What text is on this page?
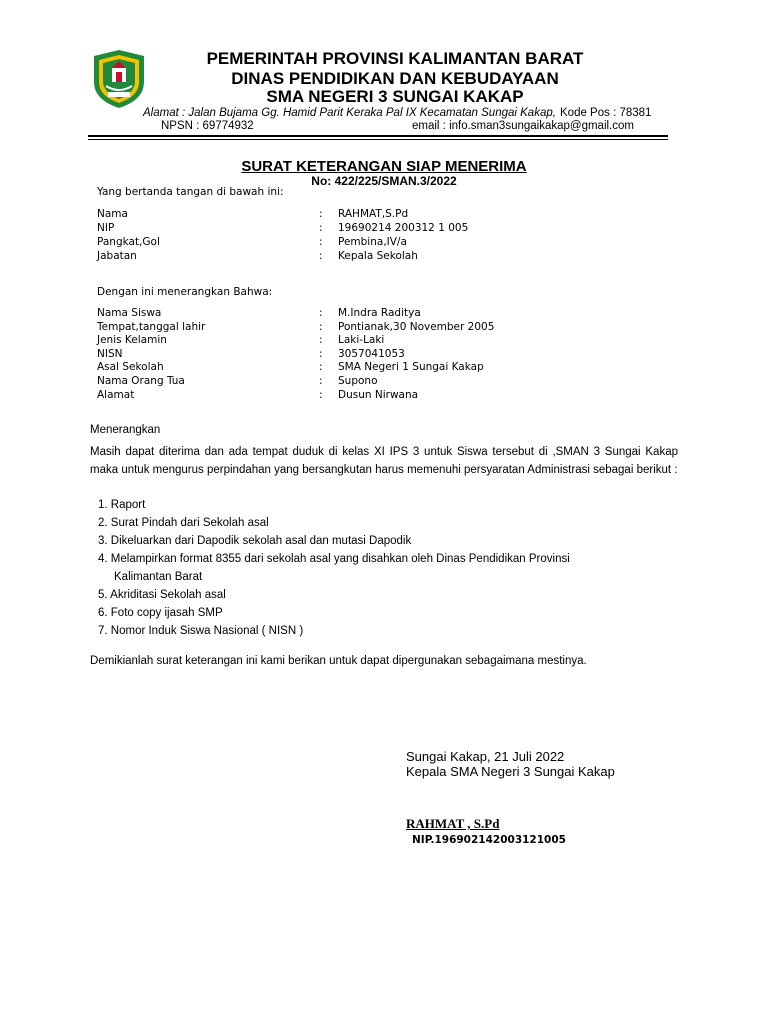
PEMERINTAH PROVINSI KALIMANTAN BARAT
DINAS PENDIDIKAN DAN KEBUDAYAAN
SMA NEGERI 3 SUNGAI KAKAP
Alamat : Jalan Bujama Gg. Hamid Parit Keraka Pal IX Kecamatan Sungai Kakap, Kode Pos : 78381
NPSN : 69774932	email : info.sman3sungaikakap@gmail.com
SURAT KETERANGAN SIAP MENERIMA
No: 422/225/SMAN.3/2022
Yang bertanda tangan di bawah ini:
Nama	: RAHMAT,S.Pd
NIP	: 19690214 200312 1 005
Pangkat,Gol	: Pembina,IV/a
Jabatan	: Kepala Sekolah
Dengan ini menerangkan Bahwa:
Nama Siswa	: M.Indra Raditya
Tempat,tanggal lahir	: Pontianak,30 November 2005
Jenis Kelamin	: Laki-Laki
NISN	: 3057041053
Asal Sekolah	: SMA Negeri 1 Sungai Kakap
Nama Orang Tua	: Supono
Alamat	: Dusun Nirwana
Menerangkan
Masih dapat diterima dan ada tempat duduk di kelas XI IPS 3 untuk Siswa tersebut di ,SMAN 3 Sungai Kakap maka untuk mengurus perpindahan yang bersangkutan harus memenuhi persyaratan Administrasi sebagai berikut :
1. Raport
2. Surat Pindah dari Sekolah asal
3. Dikeluarkan dari Dapodik sekolah asal dan mutasi Dapodik
4. Melampirkan format 8355 dari sekolah asal yang disahkan oleh Dinas Pendidikan Provinsi
Kalimantan Barat
5. Akriditasi Sekolah asal
6. Foto copy ijasah SMP
7. Nomor Induk Siswa Nasional ( NISN )
Demikianlah surat keterangan ini kami berikan untuk dapat dipergunakan sebagaimana mestinya.
Sungai Kakap, 21 Juli 2022
Kepala SMA Negeri 3 Sungai Kakap
RAHMAT , S.Pd
NIP.196902142003121005
